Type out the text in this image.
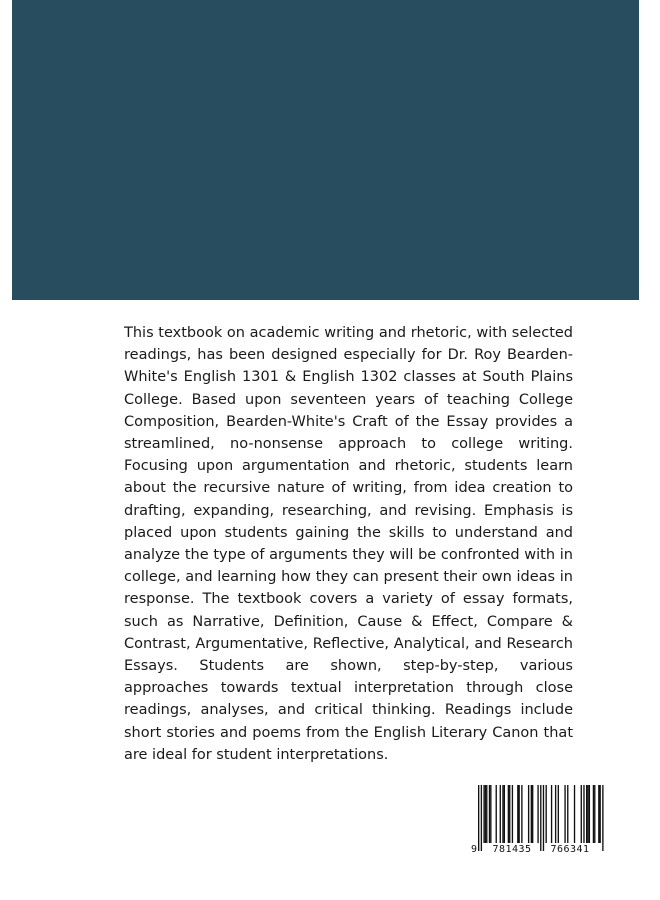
This textbook on academic writing and rhetoric, with selected readings, has been designed especially for Dr. Roy Bearden-White's English 1301 & English 1302 classes at South Plains College. Based upon seventeen years of teaching College Composition, Bearden-White's Craft of the Essay provides a streamlined, no-nonsense approach to college writing. Focusing upon argumentation and rhetoric, students learn about the recursive nature of writing, from idea creation to drafting, expanding, researching, and revising. Emphasis is placed upon students gaining the skills to understand and analyze the type of arguments they will be confronted with in college, and learning how they can present their own ideas in response. The textbook covers a variety of essay formats, such as Narrative, Definition, Cause & Effect, Compare & Contrast, Argumentative, Reflective, Analytical, and Research Essays. Students are shown, step-by-step, various approaches towards textual interpretation through close readings, analyses, and critical thinking. Readings include short stories and poems from the English Literary Canon that are ideal for student interpretations.

9	781435	766341
